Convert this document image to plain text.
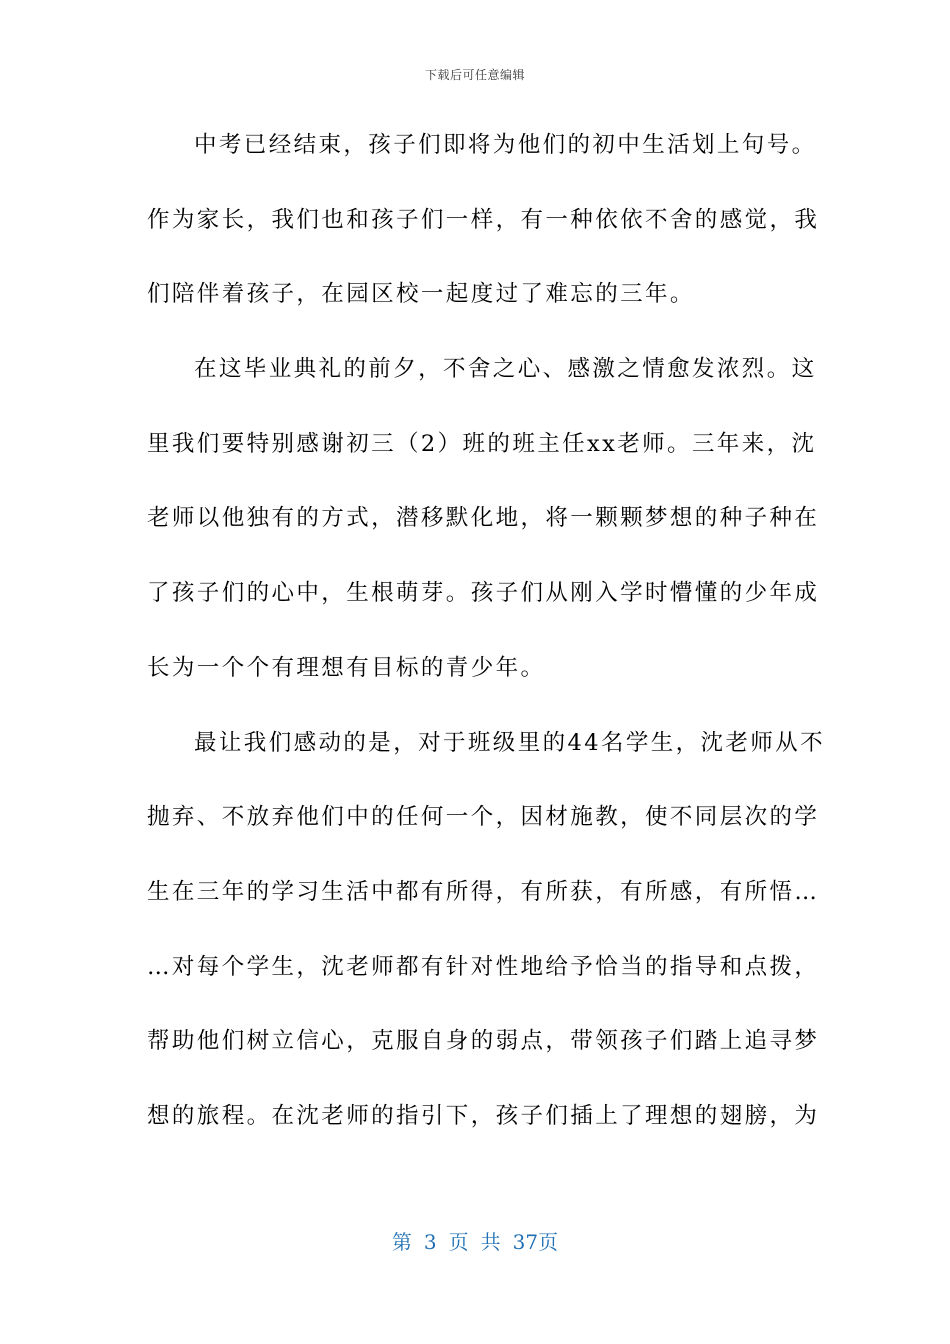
下载后可任意编辑
中考已经结束，孩子们即将为他们的初中生活划上句号。
作为家长，我们也和孩子们一样，有一种依依不舍的感觉，我
们陪伴着孩子，在园区校一起度过了难忘的三年。
在这毕业典礼的前夕，不舍之心、感激之情愈发浓烈。这
里我们要特别感谢初三（2）班的班主任xx老师。三年来，沈
老师以他独有的方式，潜移默化地，将一颗颗梦想的种子种在
了孩子们的心中，生根萌芽。孩子们从刚入学时懵懂的少年成
长为一个个有理想有目标的青少年。
最让我们感动的是，对于班级里的44名学生，沈老师从不
抛弃、不放弃他们中的任何一个，因材施教，使不同层次的学
生在三年的学习生活中都有所得，有所获，有所感，有所悟…
…对每个学生，沈老师都有针对性地给予恰当的指导和点拨，
帮助他们树立信心，克服自身的弱点，带领孩子们踏上追寻梦
想的旅程。在沈老师的指引下，孩子们插上了理想的翅膀，为
第 3 页 共 37页
